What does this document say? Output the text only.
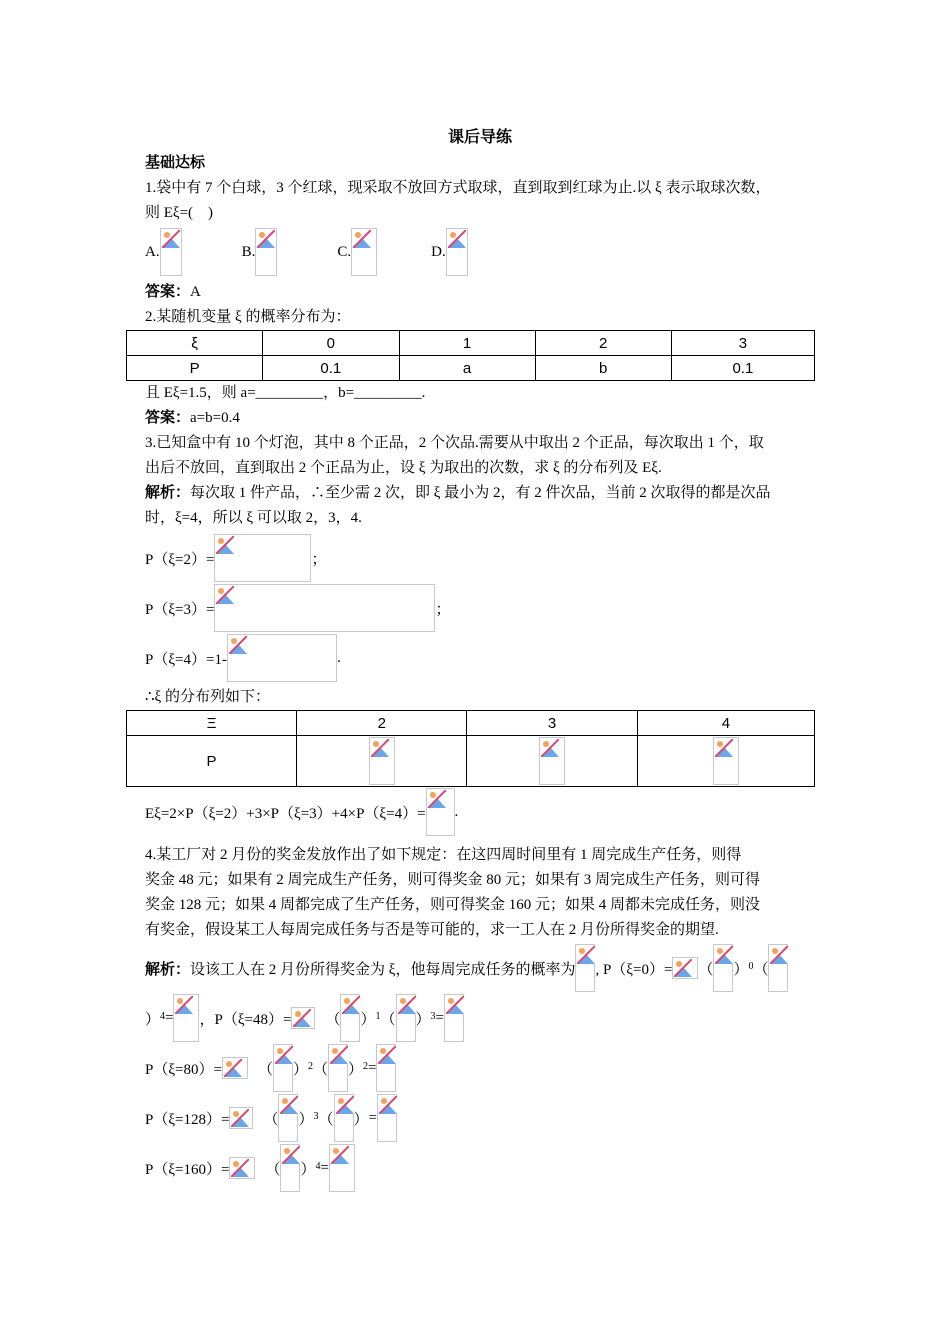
课后导练
基础达标
1.袋中有 7 个白球，3 个红球，现采取不放回方式取球，直到取到红球为止.以 ξ 表示取球次数，
则 Eξ=(　)
A.	B.	C.	D.
答案：A
2.某随机变量 ξ 的概率分布为：
ξ	0	1	2	3
P	0.1	a	b	0.1
且 Eξ=1.5，则 a=_________，b=_________.
答案：a=b=0.4
3.已知盒中有 10 个灯泡，其中 8 个正品，2 个次品.需要从中取出 2 个正品，每次取出 1 个，取
出后不放回，直到取出 2 个正品为止，设 ξ 为取出的次数，求 ξ 的分布列及 Eξ.
解析：每次取 1 件产品，∴至少需 2 次，即 ξ 最小为 2，有 2 件次品，当前 2 次取得的都是次品
时，ξ=4，所以 ξ 可以取 2，3，4.
P（ξ=2）=	；
P（ξ=3）=	；
P（ξ=4）=1-	.
∴ξ 的分布列如下：
Ξ	2	3	4
P	

Eξ=2×P（ξ=2）+3×P（ξ=3）+4×P（ξ=4）= .
4.某工厂对 2 月份的奖金发放作出了如下规定：在这四周时间里有 1 周完成生产任务，则得
奖金 48 元；如果有 2 周完成生产任务，则可得奖金 80 元；如果有 3 周完成生产任务，则可得
奖金 128 元；如果 4 周都完成了生产任务，则可得奖金 160 元；如果 4 周都未完成任务，则没
有奖金，假设某工人每周完成任务与否是等可能的，求一工人在 2 月份所得奖金的期望.
解析： 设该工人在 2 月份所得奖金为 ξ，他每周完成任务的概率为 , P（ξ=0）= （ ）$^0$ （
）$^4$ = ， P（ξ=48）= （ ）$^1$ （ ）$^3$ =
P（ξ=80）= （ ）$^2$ （ ）$^2$ =
P（ξ=128）= （ ）$^3$ （ ） =
P（ξ=160）= （ ）$^4$ =
